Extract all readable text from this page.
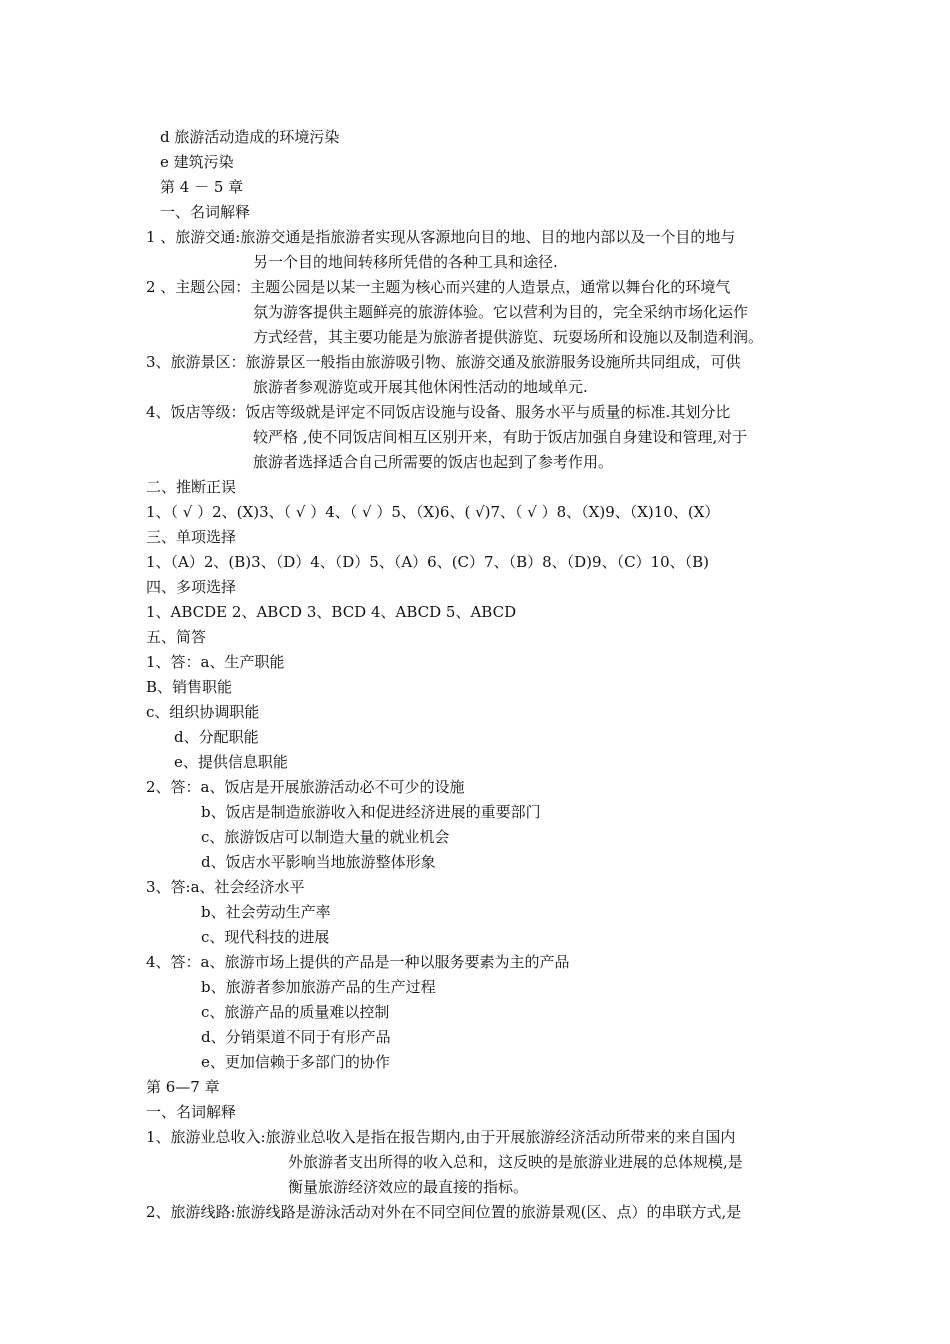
d 旅游活动造成的环境污染
e 建筑污染
第 4 － 5 章
一、名词解释
1 、旅游交通:旅游交通是指旅游者实现从客源地向目的地、目的地内部以及一个目的地与
另一个目的地间转移所凭借的各种工具和途径.
2 、主题公园：主题公园是以某一主题为核心而兴建的人造景点，通常以舞台化的环境气
氛为游客提供主题鲜亮的旅游体验。它以营利为目的，完全采纳市场化运作
方式经营，其主要功能是为旅游者提供游览、玩耍场所和设施以及制造利润。
3、旅游景区：旅游景区一般指由旅游吸引物、旅游交通及旅游服务设施所共同组成，可供
旅游者参观游览或开展其他休闲性活动的地域单元.
4、饭店等级：饭店等级就是评定不同饭店设施与设备、服务水平与质量的标准.其划分比
较严格 ,使不同饭店间相互区别开来，有助于饭店加强自身建设和管理,对于
旅游者选择适合自己所需要的饭店也起到了参考作用。
二、推断正误
1、（ √ ）2、(X)3、（ √ ）4、（ √ ）5、（X)6、( √)7、（ √ ）8、（X)9、（X)10、(X）
三、单项选择
1、（A）2、(B)3、（D）4、（D）5、（A）6、(C）7、（B）8、（D)9、（C）10、（B)
四、多项选择
1、ABCDE 2、ABCD 3、BCD 4、ABCD 5、ABCD
五、简答
1、答：a、生产职能
B、销售职能
c、组织协调职能
d、分配职能
e、提供信息职能
2、答：a、饭店是开展旅游活动必不可少的设施
b、饭店是制造旅游收入和促进经济进展的重要部门
c、旅游饭店可以制造大量的就业机会
d、饭店水平影响当地旅游整体形象
3、答:a、社会经济水平
b、社会劳动生产率
c、现代科技的进展
4、答：a、旅游市场上提供的产品是一种以服务要素为主的产品
b、旅游者参加旅游产品的生产过程
c、旅游产品的质量难以控制
d、分销渠道不同于有形产品
e、更加信赖于多部门的协作
第 6—7 章
一、名词解释
1、旅游业总收入:旅游业总收入是指在报告期内,由于开展旅游经济活动所带来的来自国内
外旅游者支出所得的收入总和，这反映的是旅游业进展的总体规模,是
衡量旅游经济效应的最直接的指标。
2、旅游线路:旅游线路是游泳活动对外在不同空间位置的旅游景观(区、点）的串联方式,是
